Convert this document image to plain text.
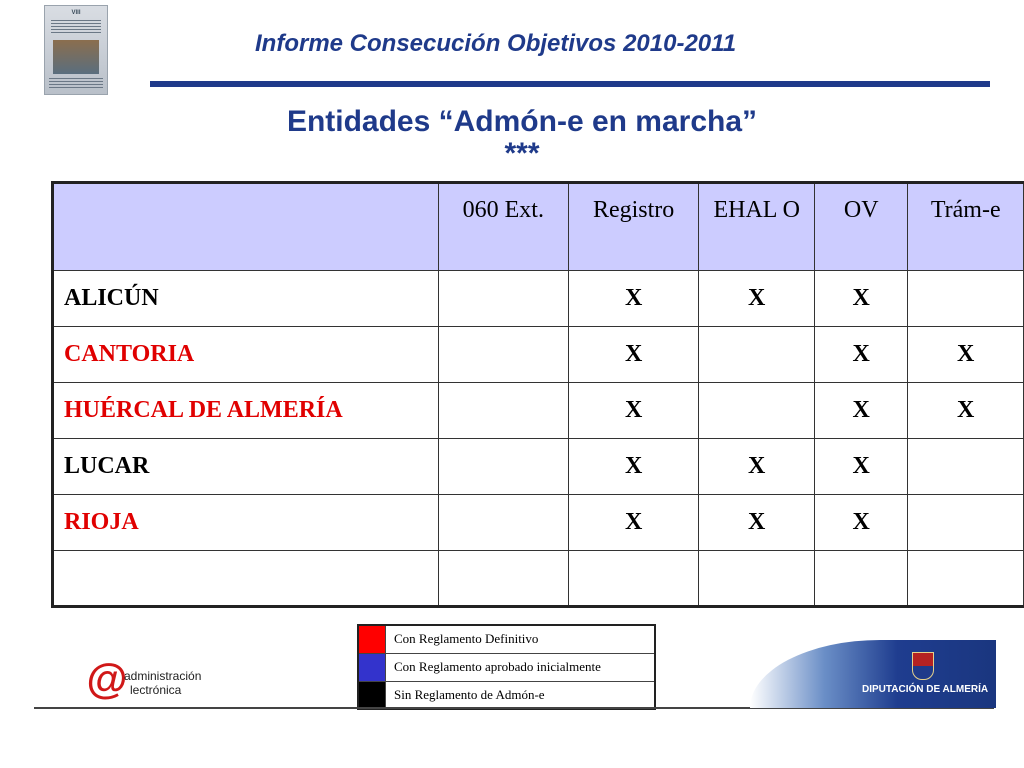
VIII
Informe Consecución Objetivos 2010-2011
Entidades “Admón-e en marcha”
***
	060 Ext.	Registro	EHAL O	OV	Trám-e
ALICÚN		X	X	X	
CANTORIA		X		X	X
HUÉRCAL DE ALMERÍA		X		X	X
LUCAR		X	X	X	
RIOJA		X	X	X	

	Con Reglamento Definitivo
	Con Reglamento aprobado inicialmente
	Sin Reglamento de Admón-e
@
administración
lectrónica	DIPUTACIÓN DE ALMERÍA
